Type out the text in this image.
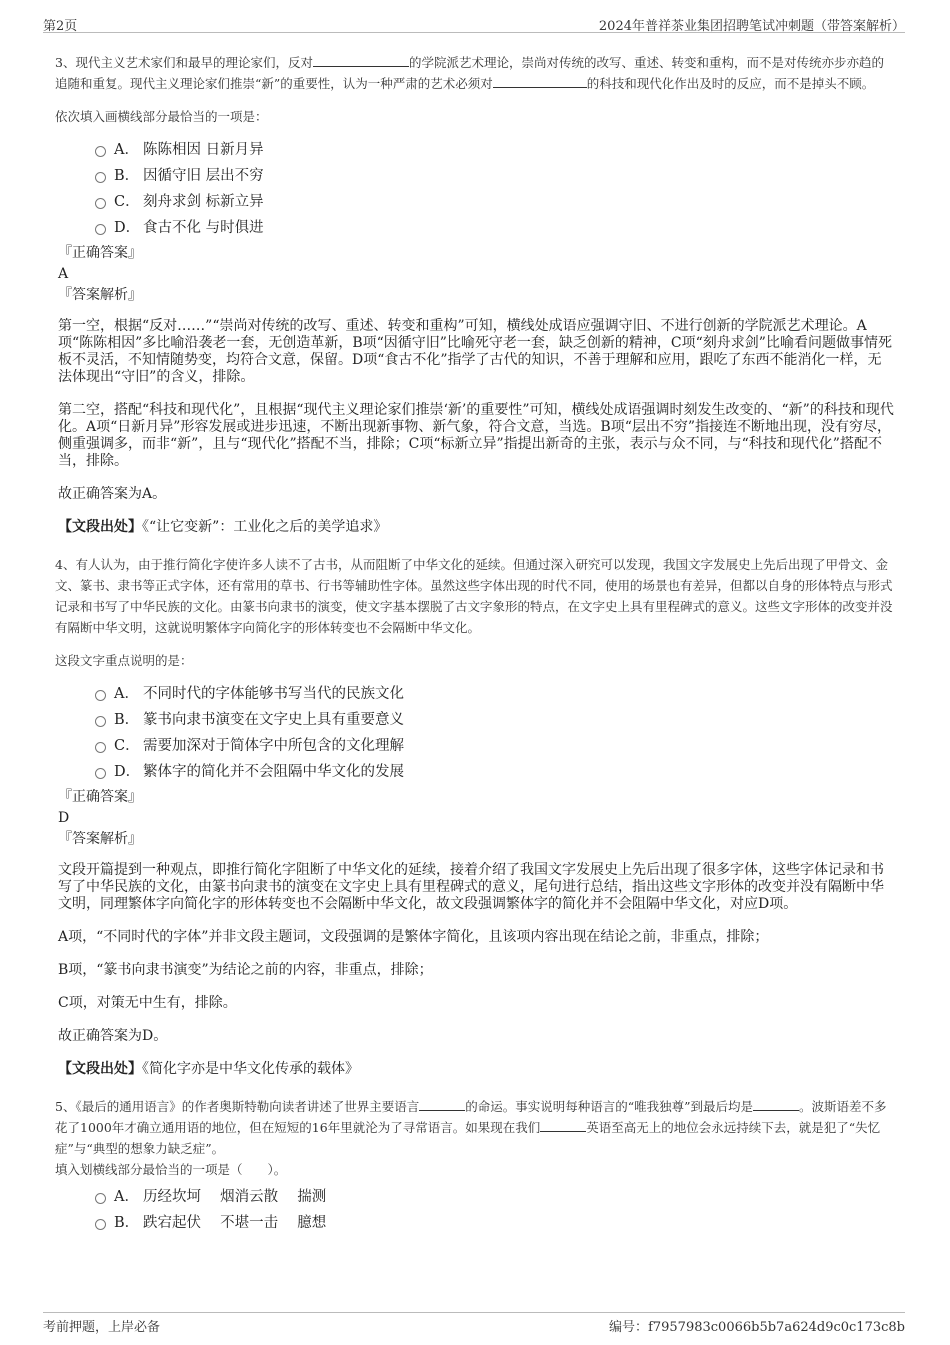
第2页	2024年普祥茶业集团招聘笔试冲刺题（带答案解析）

3、现代主义艺术家们和最早的理论家们，反对	的学院派艺术理论，崇尚对传统的改写、重述、转变和重构，而不是对传统亦步亦趋的追随和重复。现代主义理论家们推崇“新”的重要性，认为一种严肃的艺术必须对	的科技和现代化作出及时的反应，而不是掉头不顾。

依次填入画横线部分最恰当的一项是：

A． 陈陈相因 日新月异
B． 因循守旧 层出不穷
C． 刻舟求剑 标新立异
D． 食古不化 与时俱进

『正确答案』

A

『答案解析』

第一空，根据“反对……”“崇尚对传统的改写、重述、转变和重构”可知，横线处成语应强调守旧、不进行创新的学院派艺术理论。A项“陈陈相因”多比喻沿袭老一套，无创造革新，B项“因循守旧”比喻死守老一套，缺乏创新的精神，C项“刻舟求剑”比喻看问题做事情死板不灵活，不知情随势变，均符合文意，保留。D项“食古不化”指学了古代的知识，不善于理解和应用，跟吃了东西不能消化一样，无法体现出“守旧”的含义，排除。

第二空，搭配“科技和现代化”，且根据“现代主义理论家们推崇‘新’的重要性”可知，横线处成语强调时刻发生改变的、“新”的科技和现代化。A项“日新月异”形容发展或进步迅速，不断出现新事物、新气象，符合文意，当选。B项“层出不穷”指接连不断地出现，没有穷尽，侧重强调多，而非“新”，且与“现代化”搭配不当，排除；C项“标新立异”指提出新奇的主张，表示与众不同，与“科技和现代化”搭配不当，排除。

故正确答案为A。

【文段出处】《“让它变新”：工业化之后的美学追求》

4、有人认为，由于推行简化字使许多人读不了古书，从而阻断了中华文化的延续。但通过深入研究可以发现，我国文字发展史上先后出现了甲骨文、金文、篆书、隶书等正式字体，还有常用的草书、行书等辅助性字体。虽然这些字体出现的时代不同，使用的场景也有差异，但都以自身的形体特点与形式记录和书写了中华民族的文化。由篆书向隶书的演变，使文字基本摆脱了古文字象形的特点，在文字史上具有里程碑式的意义。这些文字形体的改变并没有隔断中华文明，这就说明繁体字向简化字的形体转变也不会隔断中华文化。

这段文字重点说明的是：

A． 不同时代的字体能够书写当代的民族文化
B． 篆书向隶书演变在文字史上具有重要意义
C． 需要加深对于简体字中所包含的文化理解
D． 繁体字的简化并不会阻隔中华文化的发展

『正确答案』

D

『答案解析』

文段开篇提到一种观点，即推行简化字阻断了中华文化的延续，接着介绍了我国文字发展史上先后出现了很多字体，这些字体记录和书写了中华民族的文化，由篆书向隶书的演变在文字史上具有里程碑式的意义，尾句进行总结，指出这些文字形体的改变并没有隔断中华文明，同理繁体字向简化字的形体转变也不会隔断中华文化，故文段强调繁体字的简化并不会阻隔中华文化，对应D项。

A项，“不同时代的字体”并非文段主题词，文段强调的是繁体字简化，且该项内容出现在结论之前，非重点，排除；

B项，“篆书向隶书演变”为结论之前的内容，非重点，排除；

C项，对策无中生有，排除。

故正确答案为D。

【文段出处】《简化字亦是中华文化传承的载体》

5、《最后的通用语言》的作者奥斯特勒向读者讲述了世界主要语言	的命运。事实说明每种语言的“唯我独尊”到最后均是	。波斯语差不多花了1000年才确立通用语的地位，但在短短的16年里就沦为了寻常语言。如果现在我们	英语至高无上的地位会永远持续下去，就是犯了“失忆症”与“典型的想象力缺乏症”。

填入划横线部分最恰当的一项是（　　）。

A． 历经坎坷　 烟消云散　 揣测
B． 跌宕起伏　 不堪一击　 臆想
考前押题，上岸必备	编号：f7957983c0066b5b7a624d9c0c173c8b
